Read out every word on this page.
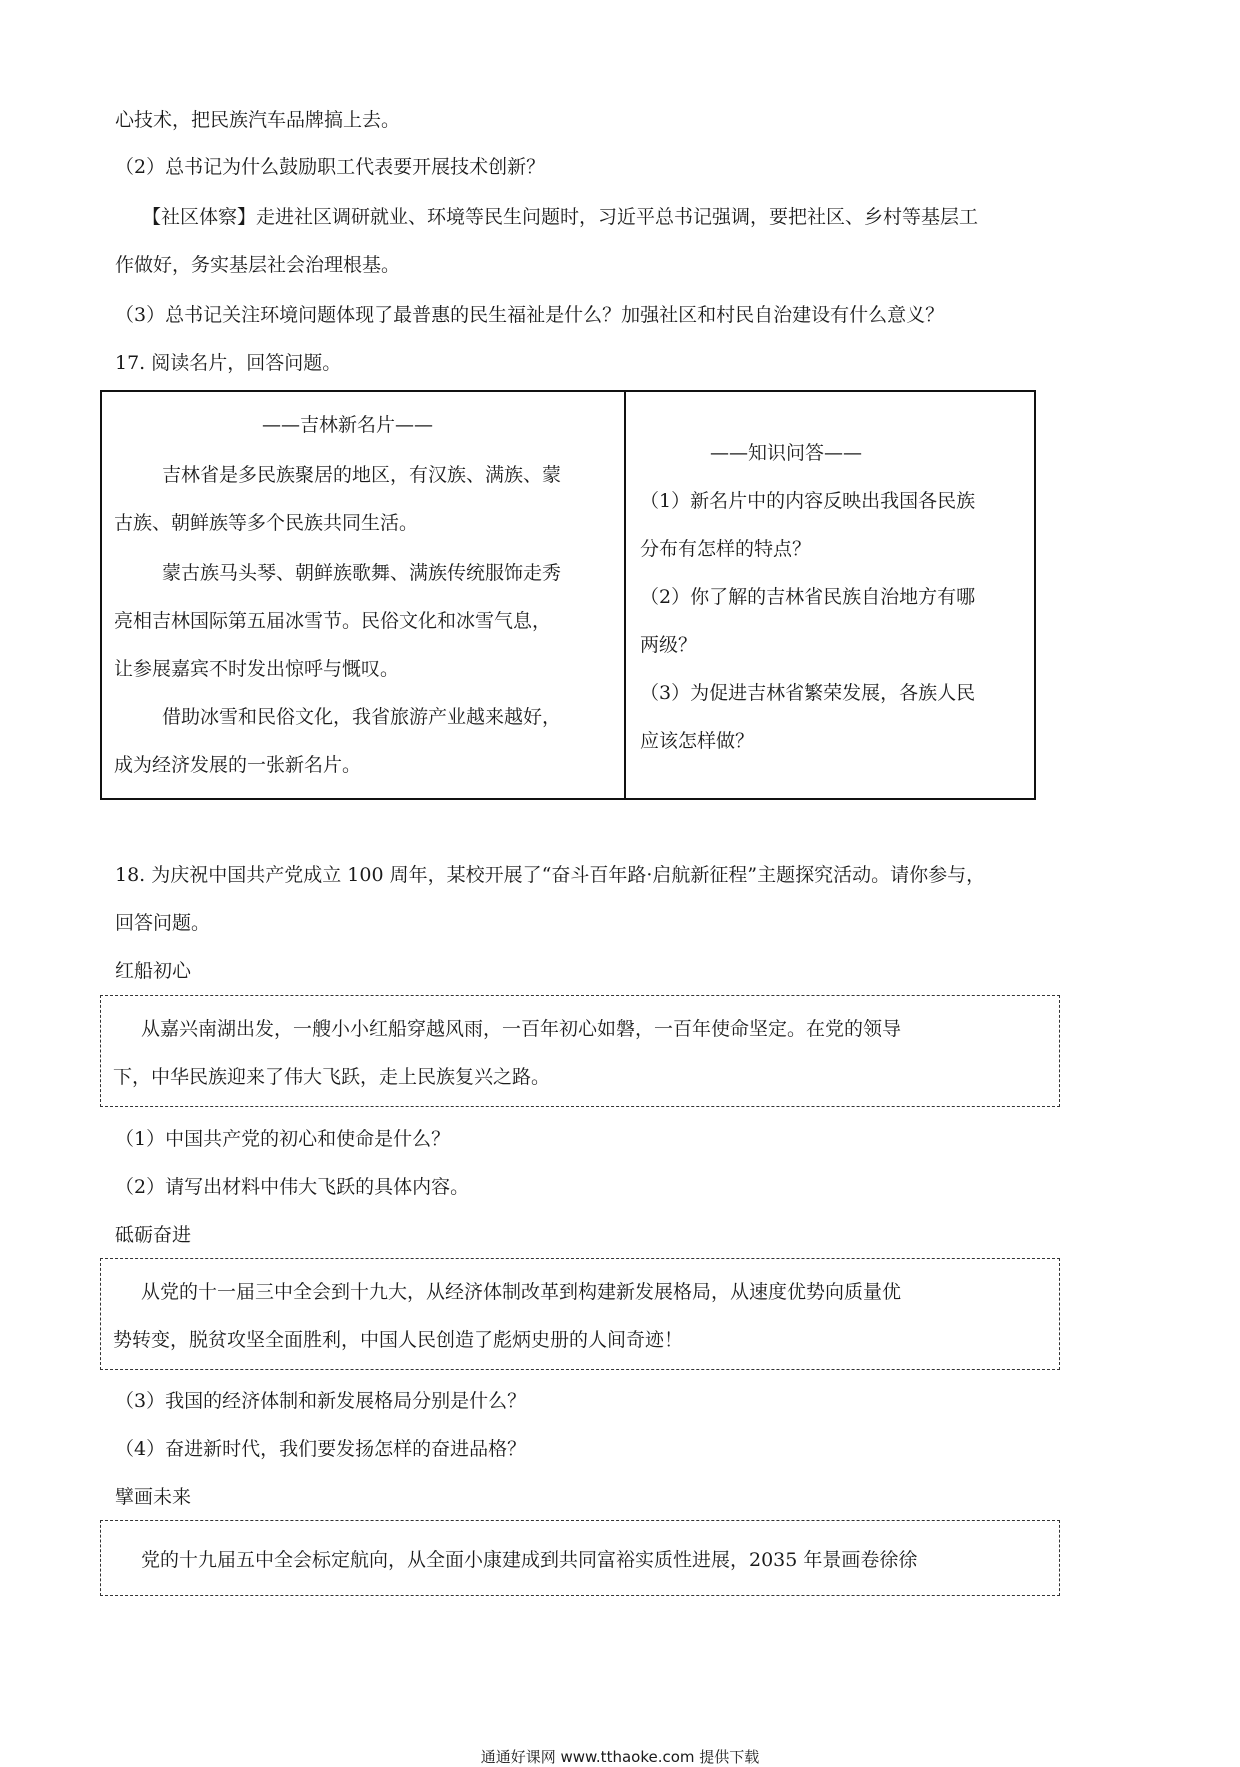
心技术，把民族汽车品牌搞上去。
（2）总书记为什么鼓励职工代表要开展技术创新？
【社区体察】走进社区调研就业、环境等民生问题时，习近平总书记强调，要把社区、乡村等基层工
作做好，务实基层社会治理根基。
（3）总书记关注环境问题体现了最普惠的民生福祉是什么？加强社区和村民自治建设有什么意义？
17. 阅读名片，回答问题。
——吉林新名片——
吉林省是多民族聚居的地区，有汉族、满族、蒙
古族、朝鲜族等多个民族共同生活。
蒙古族马头琴、朝鲜族歌舞、满族传统服饰走秀
亮相吉林国际第五届冰雪节。民俗文化和冰雪气息，
让参展嘉宾不时发出惊呼与慨叹。
借助冰雪和民俗文化，我省旅游产业越来越好，
成为经济发展的一张新名片。
——知识问答——
（1）新名片中的内容反映出我国各民族
分布有怎样的特点？
（2）你了解的吉林省民族自治地方有哪
两级？
（3）为促进吉林省繁荣发展，各族人民
应该怎样做？
18. 为庆祝中国共产党成立 100 周年，某校开展了“奋斗百年路·启航新征程”主题探究活动。请你参与，
回答问题。
红船初心
从嘉兴南湖出发，一艘小小红船穿越风雨，一百年初心如磐，一百年使命坚定。在党的领导
下，中华民族迎来了伟大飞跃，走上民族复兴之路。
（1）中国共产党的初心和使命是什么？
（2）请写出材料中伟大飞跃的具体内容。
砥砺奋进
从党的十一届三中全会到十九大，从经济体制改革到构建新发展格局，从速度优势向质量优
势转变，脱贫攻坚全面胜利，中国人民创造了彪炳史册的人间奇迹！
（3）我国的经济体制和新发展格局分别是什么？
（4）奋进新时代，我们要发扬怎样的奋进品格？
擘画未来
党的十九届五中全会标定航向，从全面小康建成到共同富裕实质性进展，2035 年景画卷徐徐
通通好课网 www.tthaoke.com 提供下载
